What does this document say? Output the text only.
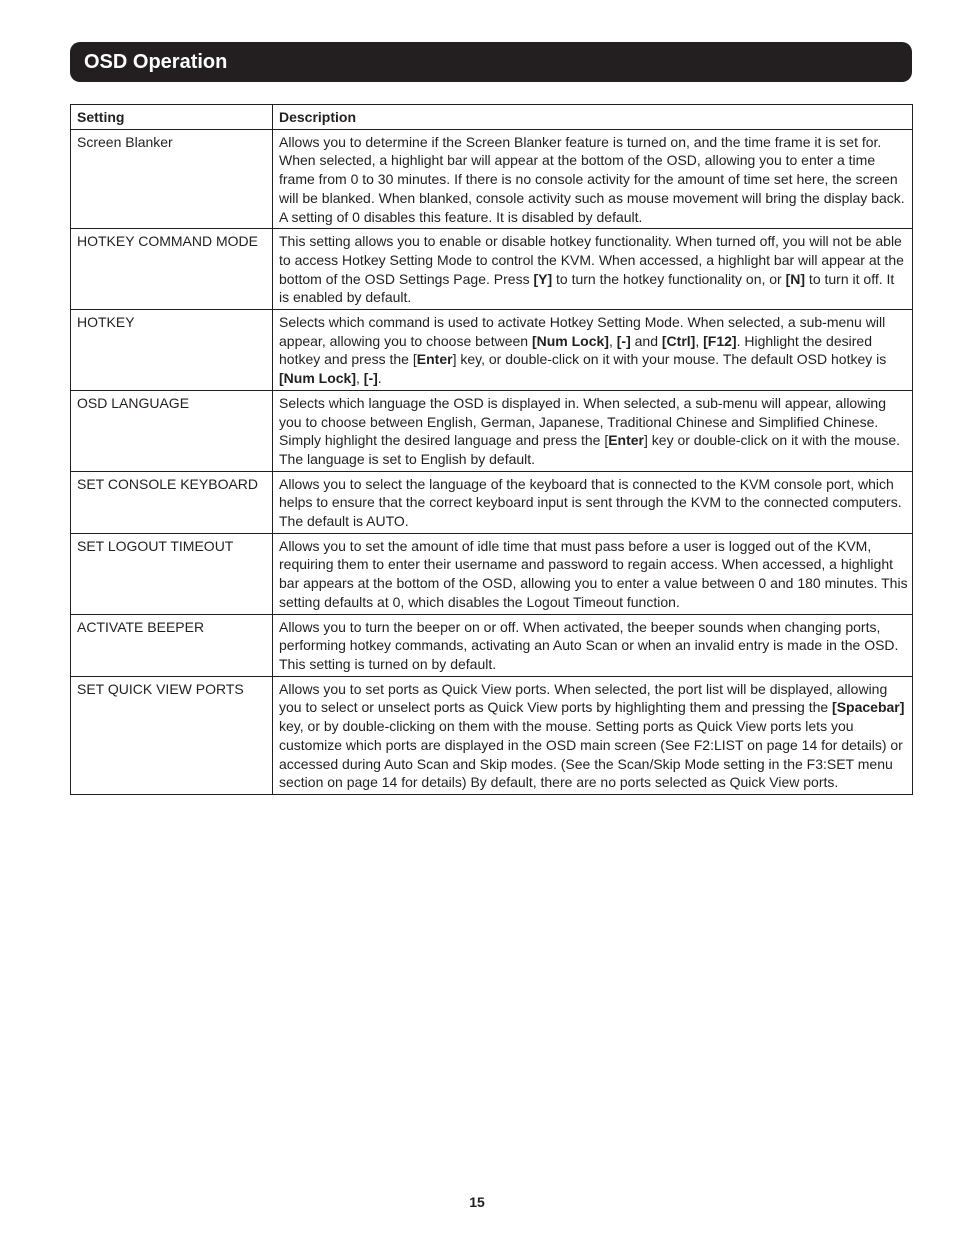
OSD Operation
Setting	Description
Screen Blanker	Allows you to determine if the Screen Blanker feature is turned on, and the time frame it is set for. When selected, a highlight bar will appear at the bottom of the OSD, allowing you to enter a time frame from 0 to 30 minutes. If there is no console activity for the amount of time set here, the screen will be blanked. When blanked, console activity such as mouse movement will bring the display back. A setting of 0 disables this feature. It is disabled by default.
HOTKEY COMMAND MODE	This setting allows you to enable or disable hotkey functionality. When turned off, you will not be able to access Hotkey Setting Mode to control the KVM. When accessed, a highlight bar will appear at the bottom of the OSD Settings Page. Press [Y] to turn the hotkey functionality on, or [N] to turn it off. It is enabled by default.
HOTKEY	Selects which command is used to activate Hotkey Setting Mode. When selected, a sub-menu will appear, allowing you to choose between [Num Lock], [-] and [Ctrl], [F12]. Highlight the desired hotkey and press the [Enter] key, or double-click on it with your mouse. The default OSD hotkey is [Num Lock], [-].
OSD LANGUAGE	Selects which language the OSD is displayed in. When selected, a sub-menu will appear, allowing you to choose between English, German, Japanese, Traditional Chinese and Simplified Chinese. Simply highlight the desired language and press the [Enter] key or double-click on it with the mouse. The language is set to English by default.
SET CONSOLE KEYBOARD	Allows you to select the language of the keyboard that is connected to the KVM console port, which helps to ensure that the correct keyboard input is sent through the KVM to the connected computers. The default is AUTO.
SET LOGOUT TIMEOUT	Allows you to set the amount of idle time that must pass before a user is logged out of the KVM, requiring them to enter their username and password to regain access. When accessed, a highlight bar appears at the bottom of the OSD, allowing you to enter a value between 0 and 180 minutes. This setting defaults at 0, which disables the Logout Timeout function.
ACTIVATE BEEPER	Allows you to turn the beeper on or off. When activated, the beeper sounds when changing ports, performing hotkey commands, activating an Auto Scan or when an invalid entry is made in the OSD. This setting is turned on by default.
SET QUICK VIEW PORTS	Allows you to set ports as Quick View ports. When selected, the port list will be displayed, allowing you to select or unselect ports as Quick View ports by highlighting them and pressing the [Spacebar] key, or by double-clicking on them with the mouse. Setting ports as Quick View ports lets you customize which ports are displayed in the OSD main screen (See F2:LIST on page 14 for details) or accessed during Auto Scan and Skip modes. (See the Scan/Skip Mode setting in the F3:SET menu section on page 14 for details) By default, there are no ports selected as Quick View ports.
15
